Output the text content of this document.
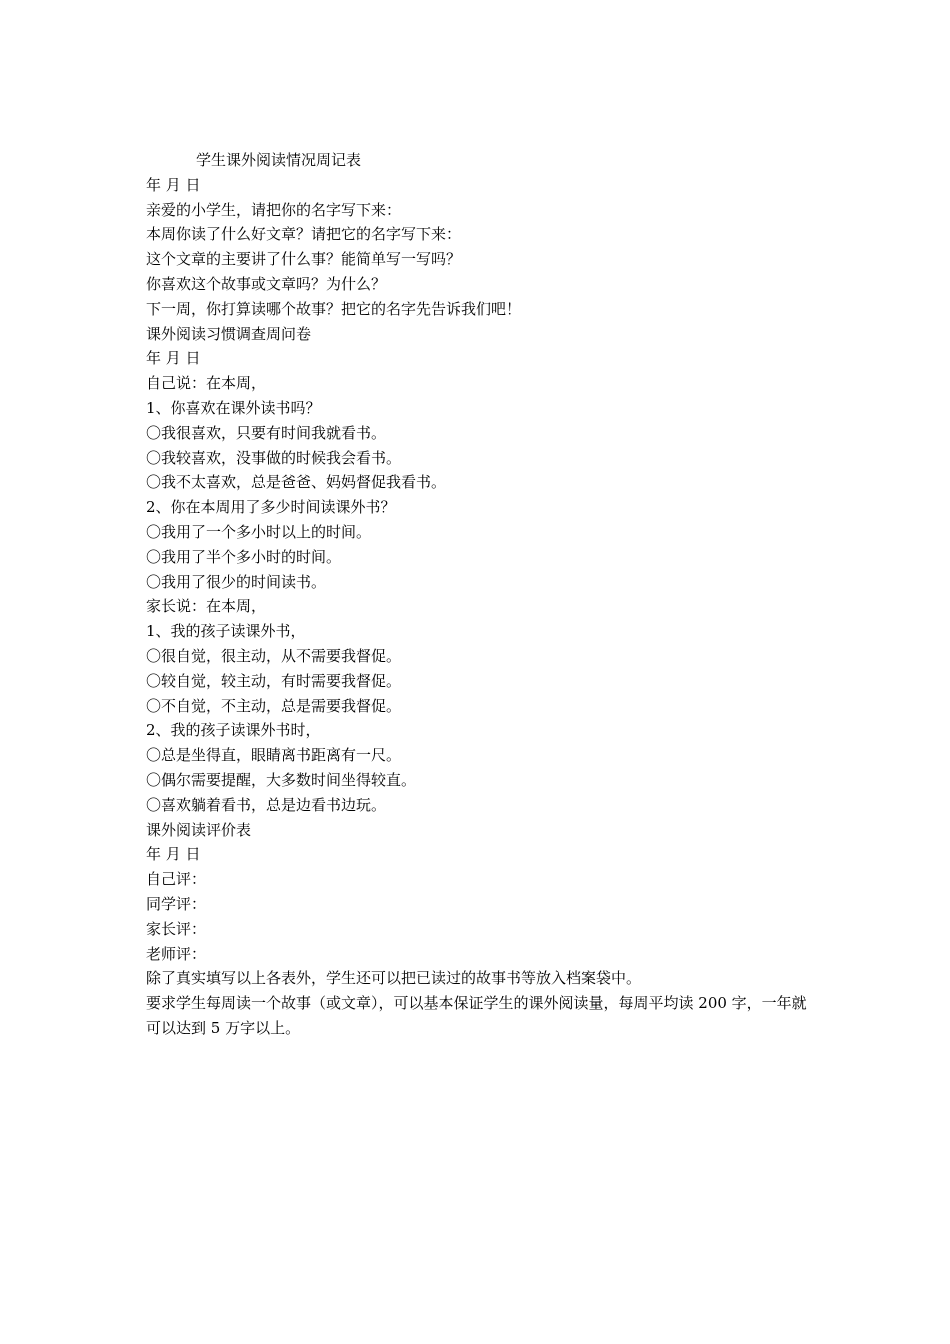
学生课外阅读情况周记表
年 月 日
亲爱的小学生，请把你的名字写下来：
本周你读了什么好文章？请把它的名字写下来：
这个文章的主要讲了什么事？能简单写一写吗？
你喜欢这个故事或文章吗？为什么？
下一周，你打算读哪个故事？把它的名字先告诉我们吧！
课外阅读习惯调查周问卷
年 月 日
自己说：在本周，
1、你喜欢在课外读书吗？
〇我很喜欢，只要有时间我就看书。
〇我较喜欢，没事做的时候我会看书。
〇我不太喜欢，总是爸爸、妈妈督促我看书。
2、你在本周用了多少时间读课外书？
〇我用了一个多小时以上的时间。
〇我用了半个多小时的时间。
〇我用了很少的时间读书。
家长说：在本周，
1、我的孩子读课外书，
〇很自觉，很主动，从不需要我督促。
〇较自觉，较主动，有时需要我督促。
〇不自觉，不主动，总是需要我督促。
2、我的孩子读课外书时，
〇总是坐得直，眼睛离书距离有一尺。
〇偶尔需要提醒，大多数时间坐得较直。
〇喜欢躺着看书，总是边看书边玩。
课外阅读评价表
年 月 日
自己评：
同学评：
家长评：
老师评：
除了真实填写以上各表外，学生还可以把已读过的故事书等放入档案袋中。
要求学生每周读一个故事（或文章），可以基本保证学生的课外阅读量，每周平均读 200 字，一年就可以达到 5 万字以上。
